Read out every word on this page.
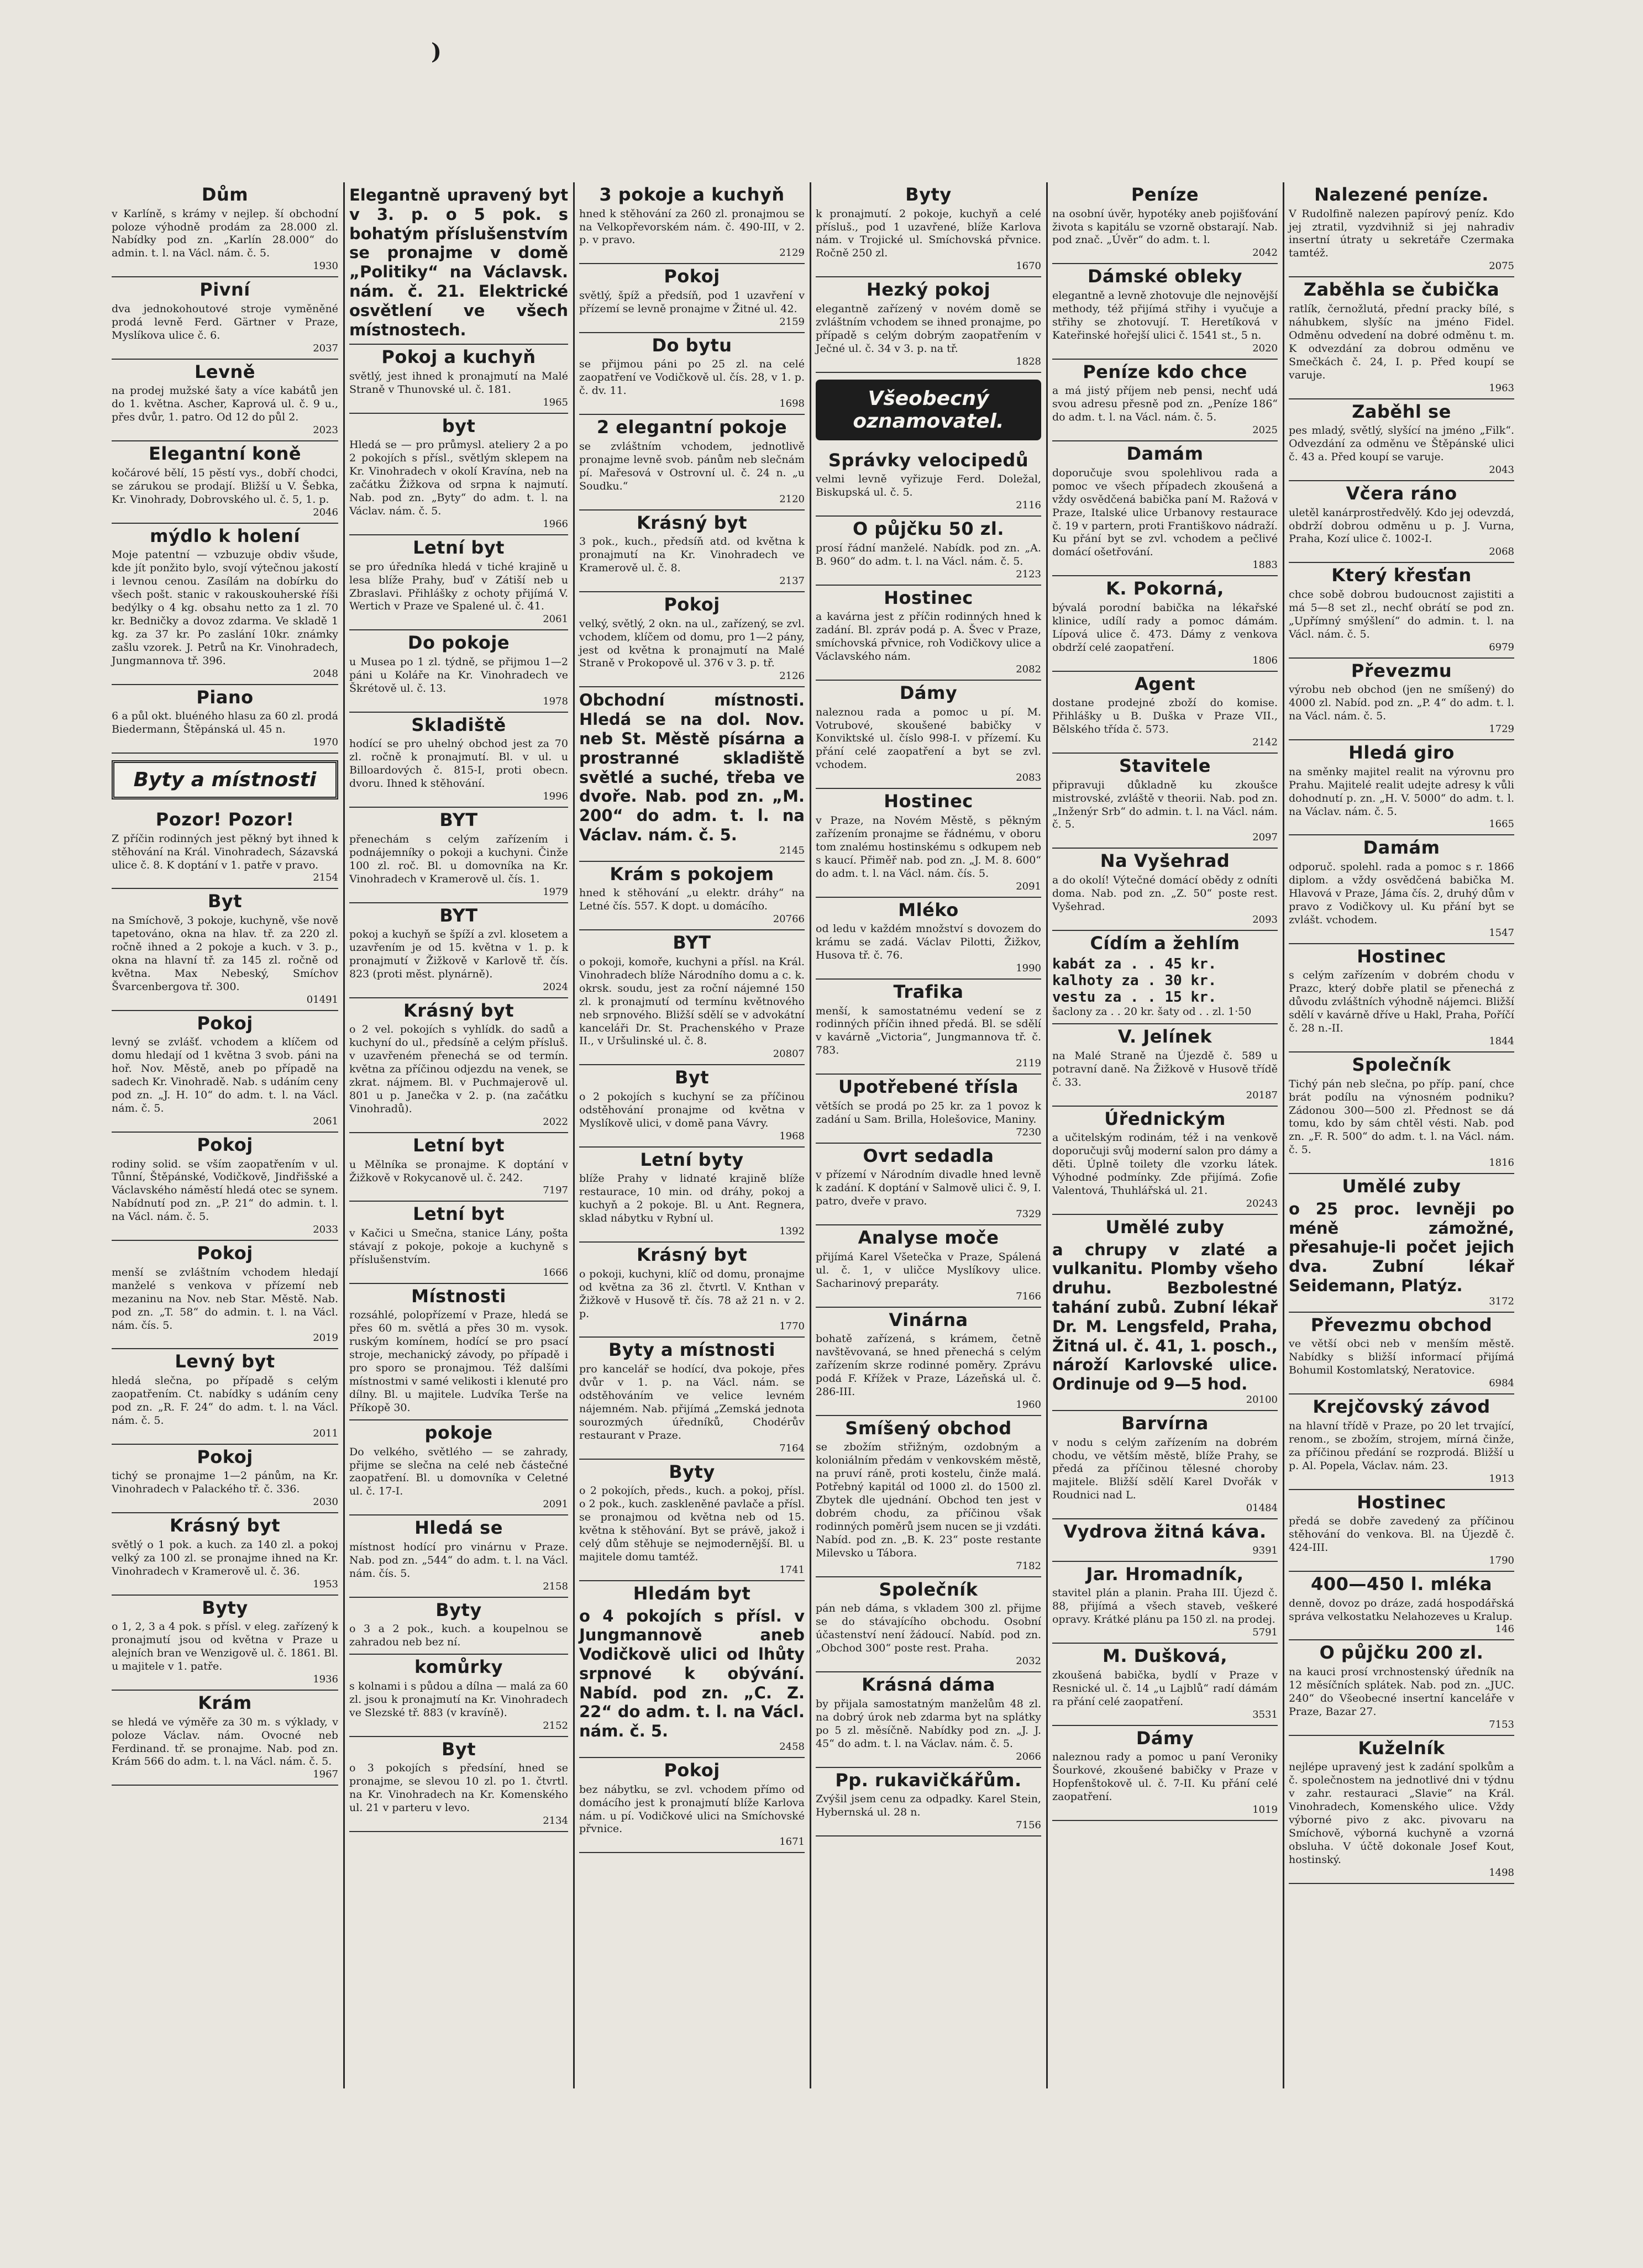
)
Dům

v Karlíně, s krámy v nejlep. ší obchodní poloze výhodně prodám za 28.000 zl. Nabídky pod zn. „Karlín 28.000“ do admin. t. l. na Václ. nám. č. 5.

1930
Pivní

dva jednokohoutové stroje vyměněné prodá levně Ferd. Gärtner v Praze, Myslíkova ulice č. 6.

2037
Levně

na prodej mužské šaty a více kabátů jen do 1. května. Ascher, Kaprová ul. č. 9 u., přes dvůr, 1. patro. Od 12 do půl 2.

2023
Elegantní koně

kočárové bělí, 15 pěstí vys., dobří chodci, se zárukou se prodají. Bližší u V. Šebka, Kr. Vinohrady, Dobrovského ul. č. 5, 1. p.

2046
mýdlo k holení

Moje patentní — vzbuzuje obdiv všude, kde jít ponžito bylo, svojí výtečnou jakostí i levnou cenou. Zasílám na dobírku do všech pošt. stanic v rakouskouherské říši bedýlky o 4 kg. obsahu netto za 1 zl. 70 kr. Bedničky a dovoz zdarma. Ve skladě 1 kg. za 37 kr. Po zaslání 10kr. známky zašlu vzorek. J. Petrů na Kr. Vinohradech, Jungmannova tř. 396.

2048
Piano

6 a půl okt. bluéného hlasu za 60 zl. prodá Biedermann, Štěpánská ul. 45 n.

1970
Byty a místnosti
Pozor! Pozor!

Z příčin rodinných jest pěkný byt ihned k stěhování na Král. Vinohradech, Sázavská ulice č. 8. K doptání v 1. patře v pravo.

2154
Byt

na Smíchově, 3 pokoje, kuchyně, vše nově tapetováno, okna na hlav. tř. za 220 zl. ročně ihned a 2 pokoje a kuch. v 3. p., okna na hlavní tř. za 145 zl. ročně od května. Max Nebeský, Smíchov Švarcenbergova tř. 300.

01491
Pokoj

levný se zvlášť. vchodem a klíčem od domu hledají od 1 května 3 svob. páni na hoř. Nov. Městě, aneb po případě na sadech Kr. Vinohradě. Nab. s udáním ceny pod zn. „J. H. 10“ do adm. t. l. na Václ. nám. č. 5.

2061
Pokoj

rodiny solid. se vším zaopatřením v ul. Tůnní, Štěpánské, Vodičkově, Jindřišské a Václavského náměstí hledá otec se synem. Nabídnutí pod zn. „P. 21“ do admin. t. l. na Václ. nám. č. 5.

2033
Pokoj

menší se zvláštním vchodem hledají manželé s venkova v přízemí neb mezaninu na Nov. neb Star. Městě. Nab. pod zn. „T. 58“ do admin. t. l. na Václ. nám. čís. 5.

2019
Levný byt

hledá slečna, po případě s celým zaopatřením. Ct. nabídky s udáním ceny pod zn. „R. F. 24“ do adm. t. l. na Václ. nám. č. 5.

2011
Pokoj

tichý se pronajme 1—2 pánům, na Kr. Vinohradech v Palackého tř. č. 336.

2030
Krásný byt

světlý o 1 pok. a kuch. za 140 zl. a pokoj velký za 100 zl. se pronajme ihned na Kr. Vinohradech v Kramerově ul. č. 36.

1953
Byty

o 1, 2, 3 a 4 pok. s přísl. v eleg. zařízený k pronajmutí jsou od května v Praze u alejních bran ve Wenzigově ul. č. 1861. Bl. u majitele v 1. patře.

1936
Krám

se hledá ve výměře za 30 m. s výklady, v poloze Václav. nám. Ovocné neb Ferdinand. tř. se pronajme. Nab. pod zn. Krám 566 do adm. t. l. na Václ. nám. č. 5.

1967

Elegantně upravený byt v 3. p. o 5 pok. s bohatým příslušenstvím se pronajme v domě „Politiky“ na Václavsk. nám. č. 21. Elektrické osvětlení ve všech místnostech.

Pokoj a kuchyň

světlý, jest ihned k pronajmutí na Malé Straně v Thunovské ul. č. 181.

1965
byt

Hledá se — pro průmysl. ateliery 2 a po 2 pokojích s přísl., světlým sklepem na Kr. Vinohradech v okolí Kravína, neb na začátku Žižkova od srpna k najmutí. Nab. pod zn. „Byty“ do adm. t. l. na Václav. nám. č. 5.

1966
Letní byt

se pro úředníka hledá v tiché krajině u lesa blíže Prahy, buď v Zátiší neb u Zbraslavi. Přihlášky z ochoty přijímá V. Wertich v Praze ve Spalené ul. č. 41.

2061
Do pokoje

u Musea po 1 zl. týdně, se přijmou 1—2 páni u Koláře na Kr. Vinohradech ve Škrétově ul. č. 13.

1978
Skladiště

hodící se pro uhelný obchod jest za 70 zl. ročně k pronajmutí. Bl. v ul. u Billoardových č. 815-I, proti obecn. dvoru. Ihned k stěhování.

1996
BYT

přenechám s celým zařízením i podnájemníky o pokoji a kuchyni. Činže 100 zl. roč. Bl. u domovníka na Kr. Vinohradech v Kramerově ul. čís. 1.

1979
BYT

pokoj a kuchyň se špíží a zvl. klosetem a uzavřením je od 15. května v 1. p. k pronajmutí v Žižkově v Karlově tř. čís. 823 (proti měst. plynárně).

2024
Krásný byt

o 2 vel. pokojích s vyhlídk. do sadů a kuchyní do ul., předsíně a celým přísluš. v uzavřeném přenechá se od termín. května za příčinou odjezdu na venek, se zkrat. nájmem. Bl. v Puchmajerově ul. 801 u p. Janečka v 2. p. (na začátku Vinohradů).

2022
Letní byt

u Mělníka se pronajme. K doptání v Žižkově v Rokycanově ul. č. 242.

7197
Letní byt

v Kačici u Smečna, stanice Lány, pošta stávají z pokoje, pokoje a kuchyně s příslušenstvím.

1666
Místnosti

rozsáhlé, polopřízemí v Praze, hledá se přes 60 m. světlá a přes 30 m. vysok. ruským komínem, hodící se pro psací stroje, mechanický závody, po případě i pro sporo se pronajmou. Též dalšími místnostmi v samé velikosti i klenuté pro dílny. Bl. u majitele. Ludvíka Terše na Příkopě 30.

pokoje

Do velkého, světlého — se zahrady, přijme se slečna na celé neb částečné zaopatření. Bl. u domovníka v Celetné ul. č. 17-I.

2091
Hledá se

místnost hodící pro vinárnu v Praze. Nab. pod zn. „544“ do adm. t. l. na Václ. nám. čís. 5.

2158
Byty

o 3 a 2 pok., kuch. a koupelnou se zahradou neb bez ní.

komůrky

s kolnami i s půdou a dílna — malá za 60 zl. jsou k pronajmutí na Kr. Vinohradech ve Slezské tř. 883 (v kravíně).

2152
Byt

o 3 pokojích s předsíní, hned se pronajme, se slevou 10 zl. po 1. čtvrtl. na Kr. Vinohradech na Kr. Komenského ul. 21 v parteru v levo.

2134
3 pokoje a kuchyň

hned k stěhování za 260 zl. pronajmou se na Velkopřevorském nám. č. 490-III, v 2. p. v pravo.

2129
Pokoj

světlý, špíž a předsíň, pod 1 uzavření v přízemí se levně pronajme v Žitné ul. 42.

2159
Do bytu

se přijmou páni po 25 zl. na celé zaopatření ve Vodičkově ul. čís. 28, v 1. p. č. dv. 11.

1698
2 elegantní pokoje

se zvláštním vchodem, jednotlivě pronajme levně svob. pánům neb slečnám pí. Mařesová v Ostrovní ul. č. 24 n. „u Soudku.“

2120
Krásný byt

3 pok., kuch., předsíň atd. od května k pronajmutí na Kr. Vinohradech ve Kramerově ul. č. 8.

2137
Pokoj

velký, světlý, 2 okn. na ul., zařízený, se zvl. vchodem, klíčem od domu, pro 1—2 pány, jest od května k pronajmutí na Malé Straně v Prokopově ul. 376 v 3. p. tř.

2126

Obchodní místnosti. Hledá se na dol. Nov. neb St. Městě písárna a prostranné skladiště světlé a suché, třeba ve dvoře. Nab. pod zn. „M. 200“ do adm. t. l. na Václav. nám. č. 5.

2145
Krám s pokojem

hned k stěhování „u elektr. dráhy“ na Letné čís. 557. K dopt. u domácího.

20766
BYT

o pokoji, komoře, kuchyni a přísl. na Král. Vinohradech blíže Národního domu a c. k. okrsk. soudu, jest za roční nájemné 150 zl. k pronajmutí od termínu květnového neb srpnového. Bližší sdělí se v advokátní kanceláři Dr. St. Prachenského v Praze II., v Uršulinské ul. č. 8.

20807
Byt

o 2 pokojích s kuchyní se za příčinou odstěhování pronajme od května v Myslíkově ulici, v domě pana Vávry.

1968
Letní byty

blíže Prahy v lidnaté krajině blíže restaurace, 10 min. od dráhy, pokoj a kuchyň a 2 pokoje. Bl. u Ant. Regnera, sklad nábytku v Rybní ul.

1392
Krásný byt

o pokoji, kuchyni, klíč od domu, pronajme od května za 36 zl. čtvrtl. V. Knthan v Žižkově v Husově tř. čís. 78 až 21 n. v 2. p.

1770
Byty a místnosti

pro kancelář se hodící, dva pokoje, přes dvůr v 1. p. na Václ. nám. se odstěhováním ve velice levném nájemném. Nab. přijímá „Zemská jednota sourozmých úředníků, Chodérův restaurant v Praze.

7164
Byty

o 2 pokojích, předs., kuch. a pokoj, přísl. o 2 pok., kuch. zaskleněné pavlače a přísl. se pronajmou od května neb od 15. května k stěhování. Byt se právě, jakož i celý dům stěhuje se nejmodernější. Bl. u majitele domu tamtéž.

1741
Hledám byt

o 4 pokojích s přísl. v Jungmannově aneb Vodičkově ulici od lhůty srpnové k obývání. Nabíd. pod zn. „C. Z. 22“ do adm. t. l. na Václ. nám. č. 5.

2458
Pokoj

bez nábytku, se zvl. vchodem přímo od domácího jest k pronajmutí blíže Karlova nám. u pí. Vodičkové ulici na Smíchovské přvnice.

1671
Byty

k pronajmutí. 2 pokoje, kuchyň a celé přísluš., pod 1 uzavřené, blíže Karlova nám. v Trojické ul. Smíchovská přvnice. Ročně 250 zl.

1670
Hezký pokoj

elegantně zařízený v novém domě se zvláštním vchodem se ihned pronajme, po případě s celým dobrým zaopatřením v Ječné ul. č. 34 v 3. p. na tř.

1828
Všeobecný oznamovatel.
Správky velocipedů

velmi levně vyřizuje Ferd. Doležal, Biskupská ul. č. 5.

2116
O půjčku 50 zl.

prosí řádní manželé. Nabídk. pod zn. „A. B. 960“ do adm. t. l. na Václ. nám. č. 5.

2123
Hostinec

a kavárna jest z příčin rodinných hned k zadání. Bl. zpráv podá p. A. Švec v Praze, smíchovská přvnice, roh Vodičkovy ulice a Václavského nám.

2082
Dámy

naleznou rada a pomoc u pí. M. Votrubové, skoušené babičky v Konviktské ul. číslo 998-I. v přízemí. Ku přání celé zaopatření a byt se zvl. vchodem.

2083
Hostinec

v Praze, na Novém Městě, s pěkným zařízením pronajme se řádnému, v oboru tom znalému hostinskému s odkupem neb s kaucí. Přiměř nab. pod zn. „J. M. 8. 600“ do adm. t. l. na Václ. nám. čís. 5.

2091
Mléko

od ledu v každém množství s dovozem do krámu se zadá. Václav Pilotti, Žižkov, Husova tř. č. 76.

1990
Trafika

menší, k samostatnému vedení se z rodinných příčin ihned předá. Bl. se sdělí v kavárně „Victoria“, Jungmannova tř. č. 783.

2119
Upotřebené třísla

větších se prodá po 25 kr. za 1 povoz k zadání u Sam. Brilla, Holešovice, Maniny.

7230
Ovrt sedadla

v přízemí v Národním divadle hned levně k zadání. K doptání v Salmově ulici č. 9, I. patro, dveře v pravo.

7329
Analyse moče

přijímá Karel Všetečka v Praze, Spálená ul. č. 1, v uličce Myslíkovy ulice. Sacharinový preparáty.

7166
Vinárna

bohatě zařízená, s krámem, četně navštěvovaná, se hned přenechá s celým zařízením skrze rodinné poměry. Zprávu podá F. Křížek v Praze, Lázeňská ul. č. 286-III.

1960
Smíšený obchod

se zbožím střižným, ozdobným a koloniálním předám v venkovském městě, na pruví ráně, proti kostelu, činže malá. Potřebný kapitál od 1000 zl. do 1500 zl. Zbytek dle ujednání. Obchod ten jest v dobrém chodu, za příčinou však rodinných poměrů jsem nucen se ji vzdáti. Nabíd. pod zn. „B. K. 23“ poste restante Milevsko u Tábora.

7182
Společník

pán neb dáma, s vkladem 300 zl. přijme se do stávajícího obchodu. Osobní účastenství není žádoucí. Nabíd. pod zn. „Obchod 300“ poste rest. Praha.

2032
Krásná dáma

by přijala samostatným manželům 48 zl. na dobrý úrok neb zdarma byt na splátky po 5 zl. měsíčně. Nabídky pod zn. „J. J. 45“ do adm. t. l. na Václav. nám. č. 5.

2066
Pp. rukavičkářům.

Zvýšil jsem cenu za odpadky. Karel Stein, Hybernská ul. 28 n.

7156
Peníze

na osobní úvěr, hypotéky aneb pojišťování života s kapitálu se vzorně obstarají. Nab. pod znač. „Úvěr“ do adm. t. l.

2042
Dámské obleky

elegantně a levně zhotovuje dle nejnovější methody, též přijímá střihy i vyučuje a střihy se zhotovují. T. Heretíková v Kateřinské hořejší ulici č. 1541 st., 5 n.

2020
Peníze kdo chce

a má jistý příjem neb pensi, nechť udá svou adresu přesně pod zn. „Peníze 186“ do adm. t. l. na Václ. nám. č. 5.

2025
Damám

doporučuje svou spolehlivou rada a pomoc ve všech případech zkoušená a vždy osvědčená babička paní M. Ražová v Praze, Italské ulice Urbanovy restaurace č. 19 v partern, proti Františkovo nádraží. Ku přání byt se zvl. vchodem a pečlivé domácí ošetřování.

1883
K. Pokorná,

bývalá porodní babička na lékařské klinice, udílí rady a pomoc dámám. Lípová ulice č. 473. Dámy z venkova obdrží celé zaopatření.

1806
Agent

dostane prodejné zboží do komise. Přihlášky u B. Duška v Praze VII., Bělského třída č. 573.

2142
Stavitele

připravuji důkladně ku zkoušce mistrovské, zvláště v theorii. Nab. pod zn. „Inženýr Srb“ do admin. t. l. na Václ. nám. č. 5.

2097
Na Vyšehrad

a do okolí! Výtečné domácí obědy z odníti doma. Nab. pod zn. „Z. 50“ poste rest. Vyšehrad.

2093
Cídím a žehlím
kabát za . . 45 kr.
kalhoty za . 30 kr.
vestu za . . 15 kr.

šaclony za . . 20 kr. šaty od . . zl. 1·50

V. Jelínek

na Malé Straně na Újezdě č. 589 u potravní daně. Na Žižkově v Husově třídě č. 33.

20187
Úřednickým

a učitelským rodinám, též i na venkově doporučuji svůj moderní salon pro dámy a děti. Úplně toilety dle vzorku látek. Výhodné podmínky. Zde přijímá. Zofie Valentová, Thuhlářská ul. 21.

20243
Umělé zuby

a chrupy v zlaté a vulkanitu. Plomby všeho druhu. Bezbolestné tahání zubů. Zubní lékař Dr. M. Lengsfeld, Praha, Žitná ul. č. 41, 1. posch., nároží Karlovské ulice. Ordinuje od 9—5 hod.

20100
Barvírna

v nodu s celým zařízením na dobrém chodu, ve větším městě, blíže Prahy, se předá za příčinou tělesné choroby majitele. Bližší sdělí Karel Dvořák v Roudnici nad L.

01484
Vydrova žitná káva.
9391
Jar. Hromadník,

stavitel plán a planin. Praha III. Újezd č. 88, přijímá a všech staveb, veškeré opravy. Krátké plánu pa 150 zl. na prodej.

5791
M. Dušková,

zkoušená babička, bydlí v Praze v Resnické ul. č. 14 „u Lajblů“ radí dámám ra přání celé zaopatření.

3531
Dámy

naleznou rady a pomoc u paní Veroniky Šourkové, zkoušené babičky v Praze v Hopfenštokově ul. č. 7-II. Ku přání celé zaopatření.

1019
Nalezené peníze.

V Rudolfině nalezen papírový peníz. Kdo jej ztratil, vyzdvihniž si jej nahradiv insertní útraty u sekretáře Czermaka tamtéž.

2075
Zaběhla se čubička

ratlík, černožlutá, přední pracky bílé, s náhubkem, slyšíc na jméno Fidel. Odměnu odvedení na dobré odměnu t. m. K odvezdání za dobrou odměnu ve Smečkách č. 24, I. p. Před koupí se varuje.

1963
Zaběhl se

pes mladý, světlý, slyšící na jméno „Filk“. Odvezdání za odměnu ve Štěpánské ulici č. 43 a. Před koupí se varuje.

2043
Včera ráno

uletěl kanárprostředvělý. Kdo jej odevzdá, obdrží dobrou odměnu u p. J. Vurna, Praha, Kozí ulice č. 1002-I.

2068
Který křesťan

chce sobě dobrou budoucnost zajistiti a má 5—8 set zl., nechť obrátí se pod zn. „Upřímný smýšlení“ do admin. t. l. na Václ. nám. č. 5.

6979
Převezmu

výrobu neb obchod (jen ne smíšený) do 4000 zl. Nabíd. pod zn. „P. 4“ do adm. t. l. na Václ. nám. č. 5.

1729
Hledá giro

na směnky majitel realit na výrovnu pro Prahu. Majitelé realit udejte adresy k vůli dohodnutí p. zn. „H. V. 5000“ do adm. t. l. na Václav. nám. č. 5.

1665
Damám

odporuč. spolehl. rada a pomoc s r. 1866 diplom. a vždy osvědčená babička M. Hlavová v Praze, Jáma čís. 2, druhý dům v pravo z Vodičkovy ul. Ku přání byt se zvlášt. vchodem.

1547
Hostinec

s celým zařízením v dobrém chodu v Prazc, který dobře platil se přenechá z důvodu zvláštních výhodně nájemci. Bližší sdělí v kavárně dříve u Hakl, Praha, Poříčí č. 28 n.-II.

1844
Společník

Tichý pán neb slečna, po příp. paní, chce brát podílu na výnosném podniku? Zádonou 300—500 zl. Přednost se dá tomu, kdo by sám chtěl vésti. Nab. pod zn. „F. R. 500“ do adm. t. l. na Václ. nám. č. 5.

1816
Umělé zuby

o 25 proc. levněji po méně zámožné, přesahuje-li počet jejich dva. Zubní lékař Seidemann, Platýz.

3172
Převezmu obchod

ve větší obci neb v menším městě. Nabídky s bližší informací přijímá Bohumil Kostomlatský, Neratovice.

6984
Krejčovský závod

na hlavní třídě v Praze, po 20 let trvající, renom., se zbožím, strojem, mírná činže, za příčinou předání se rozprodá. Bližší u p. Al. Popela, Václav. nám. 23.

1913
Hostinec

předá se dobře zavedený za příčinou stěhování do venkova. Bl. na Újezdě č. 424-III.

1790
400—450 l. mléka

denně, dovoz po dráze, zadá hospodářská správa velkostatku Nelahozeves u Kralup.

146
O půjčku 200 zl.

na kauci prosí vrchnostenský úředník na 12 měsíčních splátek. Nab. pod zn. „JUC. 240“ do Všeobecné insertní kanceláře v Praze, Bazar 27.

7153
Kuželník

nejlépe upravený jest k zadání spolkům a č. společnostem na jednotlivé dni v týdnu v zahr. restauraci „Slavie“ na Král. Vinohradech, Komenského ulice. Vždy výborné pivo z akc. pivovaru na Smíchově, výborná kuchyně a vzorná obsluha. V účtě dokonale Josef Kout, hostinský.

1498
